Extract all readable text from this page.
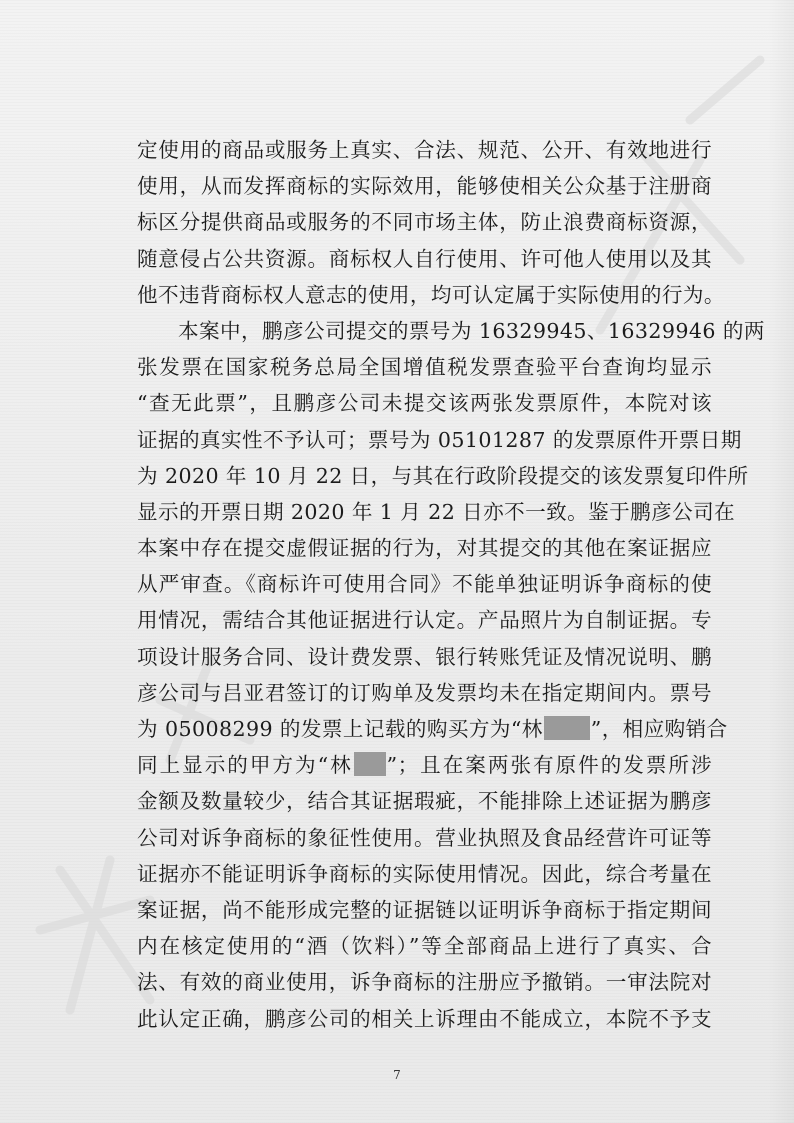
定使用的商品或服务上真实、合法、规范、公开、有效地进行
使用，从而发挥商标的实际效用，能够使相关公众基于注册商
标区分提供商品或服务的不同市场主体，防止浪费商标资源，
随意侵占公共资源。商标权人自行使用、许可他人使用以及其
他不违背商标权人意志的使用，均可认定属于实际使用的行为。
本案中，鹏彦公司提交的票号为 16329945、16329946 的两
张发票在国家税务总局全国增值税发票查验平台查询均显示
“查无此票”，且鹏彦公司未提交该两张发票原件，本院对该
证据的真实性不予认可；票号为 05101287 的发票原件开票日期
为 2020 年 10 月 22 日，与其在行政阶段提交的该发票复印件所
显示的开票日期 2020 年 1 月 22 日亦不一致。鉴于鹏彦公司在
本案中存在提交虚假证据的行为，对其提交的其他在案证据应
从严审查。《商标许可使用合同》不能单独证明诉争商标的使
用情况，需结合其他证据进行认定。产品照片为自制证据。专
项设计服务合同、设计费发票、银行转账凭证及情况说明、鹏
彦公司与吕亚君签订的订购单及发票均未在指定期间内。票号
为 05008299 的发票上记载的购买方为“林 ”，相应购销合
同上显示的甲方为“林 ”；且在案两张有原件的发票所涉
金额及数量较少，结合其证据瑕疵，不能排除上述证据为鹏彦
公司对诉争商标的象征性使用。营业执照及食品经营许可证等
证据亦不能证明诉争商标的实际使用情况。因此，综合考量在
案证据，尚不能形成完整的证据链以证明诉争商标于指定期间
内在核定使用的“酒（饮料）”等全部商品上进行了真实、合
法、有效的商业使用，诉争商标的注册应予撤销。一审法院对
此认定正确，鹏彦公司的相关上诉理由不能成立，本院不予支
7
